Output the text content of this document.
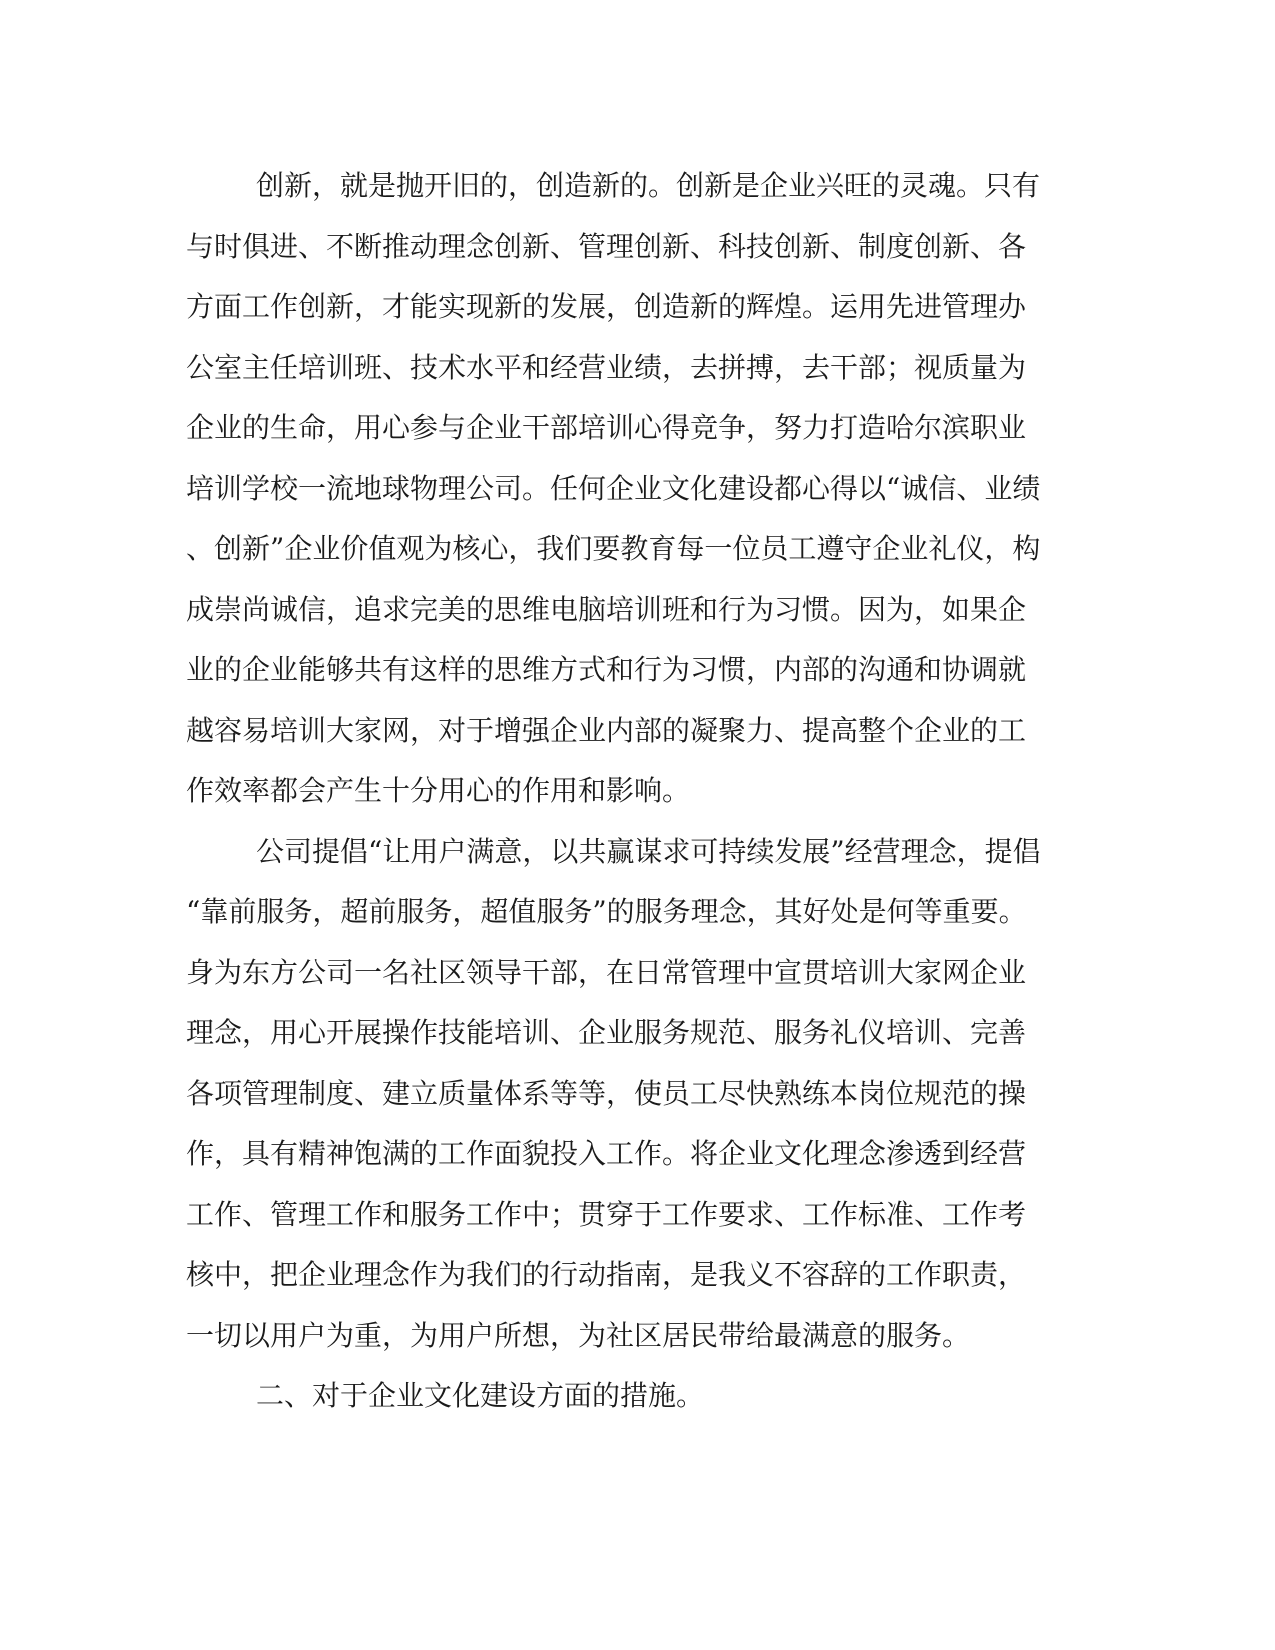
创新，就是抛开旧的，创造新的。创新是企业兴旺的灵魂。只有
与时俱进、不断推动理念创新、管理创新、科技创新、制度创新、各
方面工作创新，才能实现新的发展，创造新的辉煌。运用先进管理办
公室主任培训班、技术水平和经营业绩，去拼搏，去干部；视质量为
企业的生命，用心参与企业干部培训心得竞争，努力打造哈尔滨职业
培训学校一流地球物理公司。任何企业文化建设都心得以“诚信、业绩
、创新”企业价值观为核心，我们要教育每一位员工遵守企业礼仪，构
成崇尚诚信，追求完美的思维电脑培训班和行为习惯。因为，如果企
业的企业能够共有这样的思维方式和行为习惯，内部的沟通和协调就
越容易培训大家网，对于增强企业内部的凝聚力、提高整个企业的工
作效率都会产生十分用心的作用和影响。
公司提倡“让用户满意，以共赢谋求可持续发展”经营理念，提倡
“靠前服务，超前服务，超值服务”的服务理念，其好处是何等重要。
身为东方公司一名社区领导干部，在日常管理中宣贯培训大家网企业
理念，用心开展操作技能培训、企业服务规范、服务礼仪培训、完善
各项管理制度、建立质量体系等等，使员工尽快熟练本岗位规范的操
作，具有精神饱满的工作面貌投入工作。将企业文化理念渗透到经营
工作、管理工作和服务工作中；贯穿于工作要求、工作标准、工作考
核中，把企业理念作为我们的行动指南，是我义不容辞的工作职责，
一切以用户为重，为用户所想，为社区居民带给最满意的服务。
二、对于企业文化建设方面的措施。
